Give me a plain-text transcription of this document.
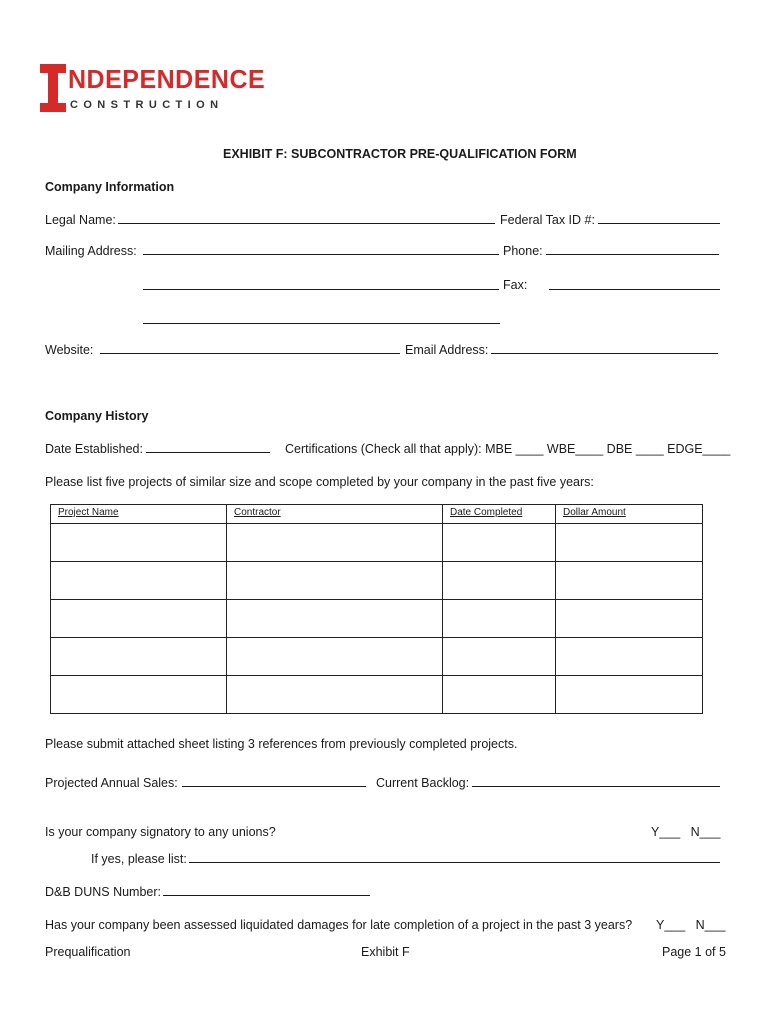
NDEPENDENCE
CONSTRUCTION
EXHIBIT F: SUBCONTRACTOR PRE-QUALIFICATION FORM
Company Information
Legal Name:	Federal Tax ID #:
Mailing Address:	Phone:
Fax:
Website:	Email Address:
Company History
Date Established:	Certifications (Check all that apply): MBE ____ WBE____ DBE ____ EDGE____
Please list five projects of similar size and scope completed by your company in the past five years:
Project Name	Contractor	Date Completed	Dollar Amount

Please submit attached sheet listing 3 references from previously completed projects.
Projected Annual Sales:	Current Backlog:
Is your company signatory to any unions?	Y___   N___
If yes, please list:
D&B DUNS Number:
Has your company been assessed liquidated damages for late completion of a project in the past 3 years? Y___   N___
Prequalification	Exhibit F	Page 1 of 5
